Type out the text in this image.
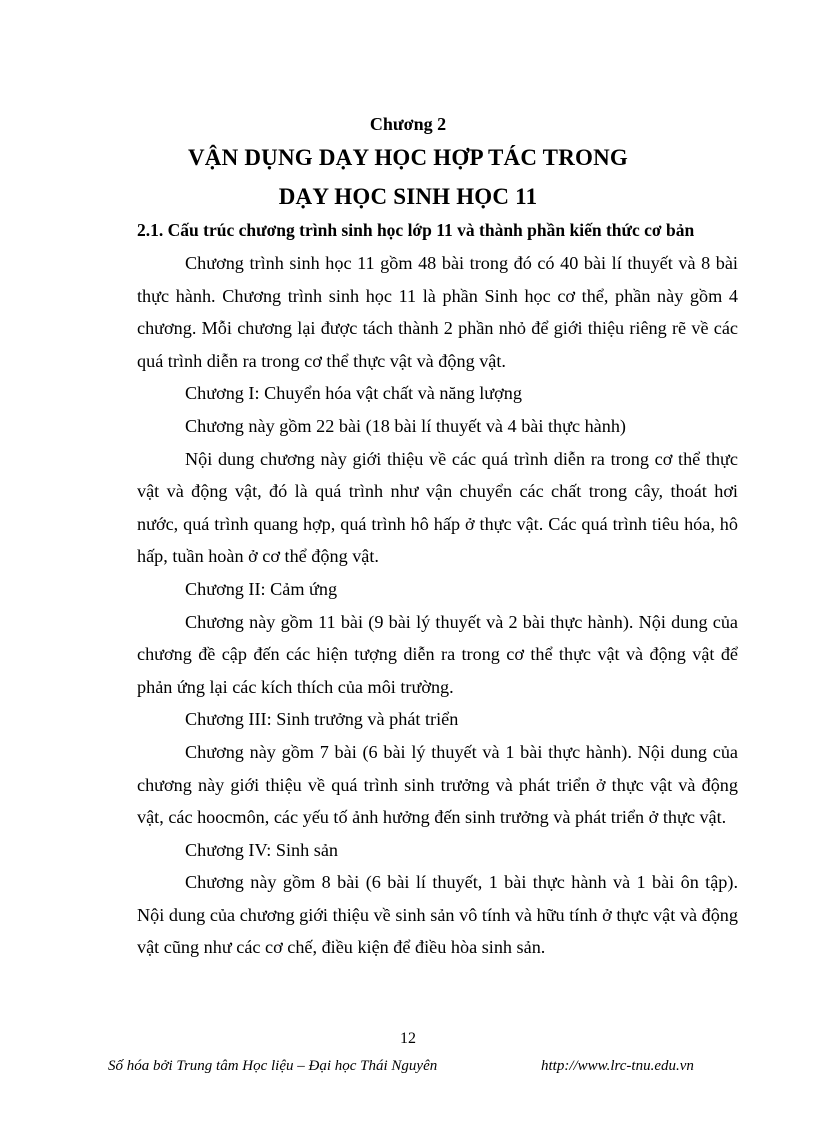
Chương 2
VẬN DỤNG DẠY HỌC HỢP TÁC TRONG
DẠY HỌC SINH HỌC 11
2.1. Cấu trúc chương trình sinh học lớp 11 và thành phần kiến thức cơ bản

Chương trình sinh học 11 gồm 48 bài trong đó có 40 bài lí thuyết và 8 bài thực hành. Chương trình sinh học 11 là phần Sinh học cơ thể, phần này gồm 4 chương. Mỗi chương lại được tách thành 2 phần nhỏ để giới thiệu riêng rẽ về các quá trình diễn ra trong cơ thể thực vật và động vật.

Chương I: Chuyển hóa vật chất và năng lượng

Chương này gồm 22 bài (18 bài lí thuyết và 4 bài thực hành)

Nội dung chương này giới thiệu về các quá trình diễn ra trong cơ thể thực vật và động vật, đó là quá trình như vận chuyển các chất trong cây, thoát hơi nước, quá trình quang hợp, quá trình hô hấp ở thực vật. Các quá trình tiêu hóa, hô hấp, tuần hoàn ở cơ thể động vật.

Chương II: Cảm ứng

Chương này gồm 11 bài (9 bài lý thuyết và 2 bài thực hành). Nội dung của chương đề cập đến các hiện tượng diễn ra trong cơ thể thực vật và động vật để phản ứng lại các kích thích của môi trường.

Chương III: Sinh trưởng và phát triển

Chương này gồm 7 bài (6 bài lý thuyết và 1 bài thực hành). Nội dung của chương này giới thiệu về quá trình sinh trưởng và phát triển ở thực vật và động vật, các hoocmôn, các yếu tố ảnh hưởng đến sinh trưởng và phát triển ở thực vật.

Chương IV: Sinh sản

Chương này gồm 8 bài (6 bài lí thuyết, 1 bài thực hành và 1 bài ôn tập). Nội dung của chương giới thiệu về sinh sản vô tính và hữu tính ở thực vật và động vật cũng như các cơ chế, điều kiện để điều hòa sinh sản.

12
Số hóa bởi Trung tâm Học liệu – Đại học Thái Nguyên	http://www.lrc-tnu.edu.vn
